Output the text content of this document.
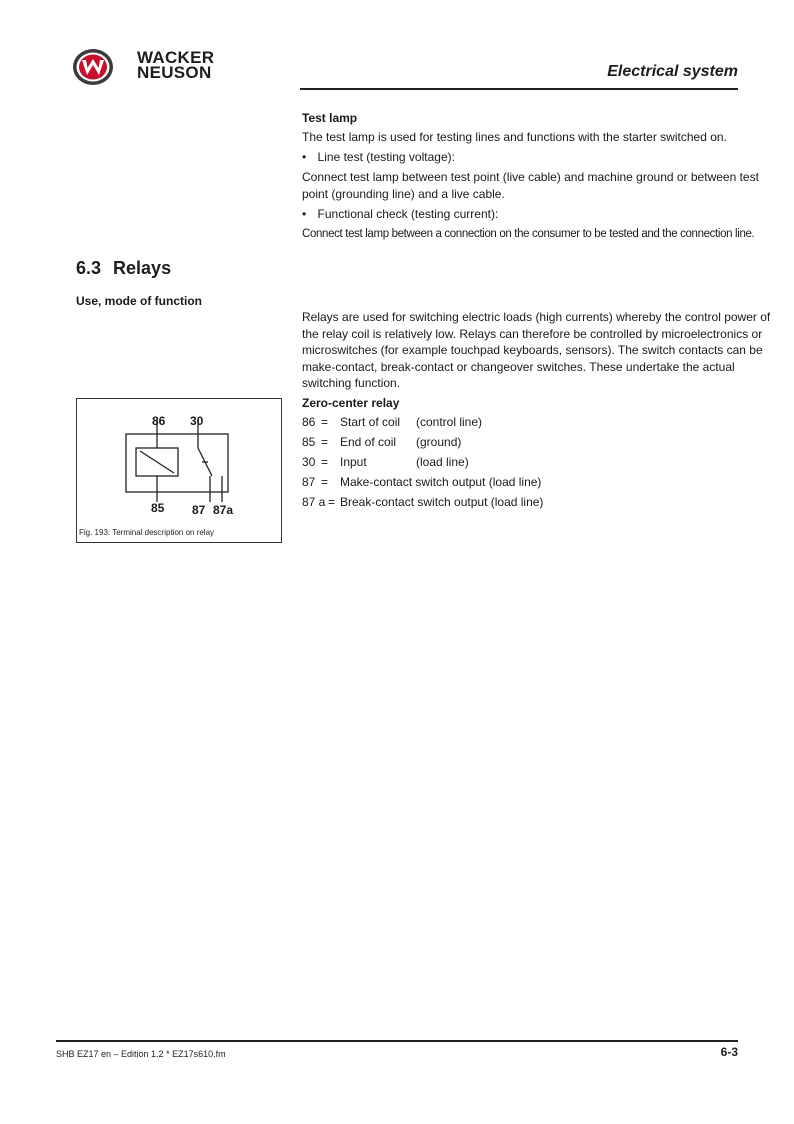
WACKER
NEUSON	Electrical system
Test lamp
The test lamp is used for testing lines and functions with the starter switched on.
• Line test (testing voltage):
Connect test lamp between test point (live cable) and machine ground or between test
point (grounding line) and a live cable.
• Functional check (testing current):
Connect test lamp between a connection on the consumer to be tested and the connection line.
6.3 Relays
Use, mode of function
Relays are used for switching electric loads (high currents) whereby the control power of
the relay coil is relatively low. Relays can therefore be controlled by microelectronics or
microswitches (for example touchpad keyboards, sensors). The switch contacts can be
make-contact, break-contact or changeover switches. These undertake the actual
switching function.
Zero-center relay
86 = Start of coil (control line)
85 = End of coil (ground)
30 = Input	(load line)
87 = Make-contact switch output (load line)
87 a = Break-contact switch output (load line)
86 30
85 87 87a
Fig. 193: Terminal description on relay
SHB EZ17 en – Edition 1.2 * EZ17s610.fm	6-3
